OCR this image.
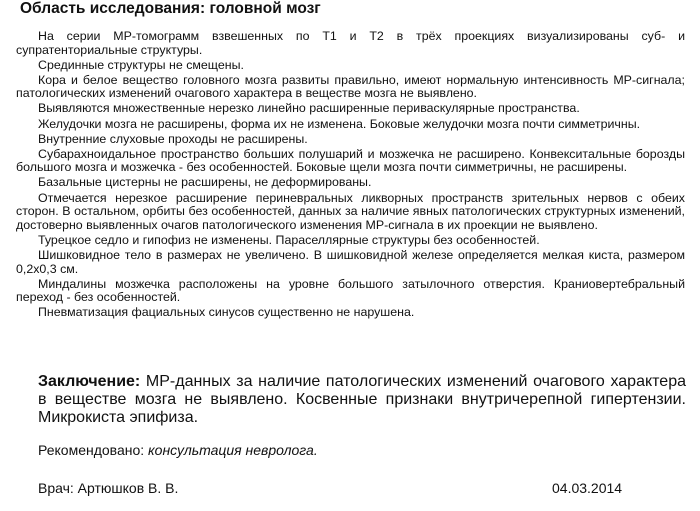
Область исследования: головной мозг

На серии МР-томограмм взвешенных по Т1 и Т2 в трёх проекциях визуализированы суб- и супратенториальные структуры.

Срединные структуры не смещены.

Кора и белое вещество головного мозга развиты правильно, имеют нормальную интенсивность МР-сигнала; патологических изменений очагового характера в веществе мозга не выявлено.

Выявляются множественные нерезко линейно расширенные периваскулярные пространства.

Желудочки мозга не расширены, форма их не изменена. Боковые желудочки мозга почти симметричны.

Внутренние слуховые проходы не расширены.

Субарахноидальное пространство больших полушарий и мозжечка не расширено. Конвекситальные борозды большого мозга и мозжечка - без особенностей. Боковые щели мозга почти симметричны, не расширены.

Базальные цистерны не расширены, не деформированы.

Отмечается нерезкое расширение периневральных ликворных пространств зрительных нервов с обеих сторон. В остальном, орбиты без особенностей, данных за наличие явных патологических структурных изменений, достоверно выявленных очагов патологического изменения МР-сигнала в их проекции не выявлено.

Турецкое седло и гипофиз не изменены. Параселлярные структуры без особенностей.

Шишковидное тело в размерах не увеличено. В шишковидной железе определяется мелкая киста, размером 0,2х0,3 см.

Миндалины мозжечка расположены на уровне большого затылочного отверстия. Краниовертебральный переход - без особенностей.

Пневматизация фациальных синусов существенно не нарушена.

Заключение: МР-данных за наличие патологических изменений очагового характера в веществе мозга не выявлено. Косвенные признаки внутричерепной гипертензии. Микрокиста эпифиза.

Рекомендовано: консультация невролога.

Врач: Артюшков В. В.	04.03.2014
